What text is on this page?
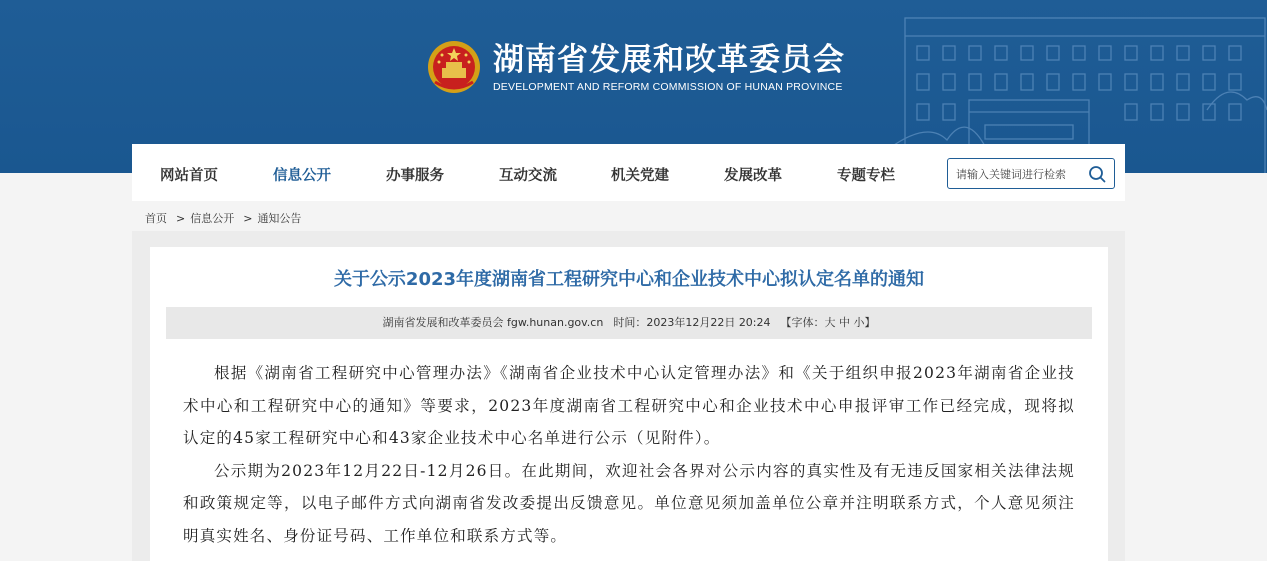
湖南省发展和改革委员会
DEVELOPMENT AND REFORM COMMISSION OF HUNAN PROVINCE
网站首页	信息公开	办事服务	互动交流	机关党建	发展改革	专题专栏
请输入关键词进行检索
首页 > 信息公开 > 通知公告
关于公示2023年度湖南省工程研究中心和企业技术中心拟认定名单的通知
湖南省发展和改革委员会 fgw.hunan.gov.cn 时间：2023年12月22日 20:24 【字体：大 中 小】

根据《湖南省工程研究中心管理办法》《湖南省企业技术中心认定管理办法》和《关于组织申报2023年湖南省企业技术中心和工程研究中心的通知》等要求，2023年度湖南省工程研究中心和企业技术中心申报评审工作已经完成，现将拟认定的45家工程研究中心和43家企业技术中心名单进行公示（见附件）。

公示期为2023年12月22日-12月26日。在此期间，欢迎社会各界对公示内容的真实性及有无违反国家相关法律法规和政策规定等，以电子邮件方式向湖南省发改委提出反馈意见。单位意见须加盖单位公章并注明联系方式，个人意见须注明真实姓名、身份证号码、工作单位和联系方式等。
